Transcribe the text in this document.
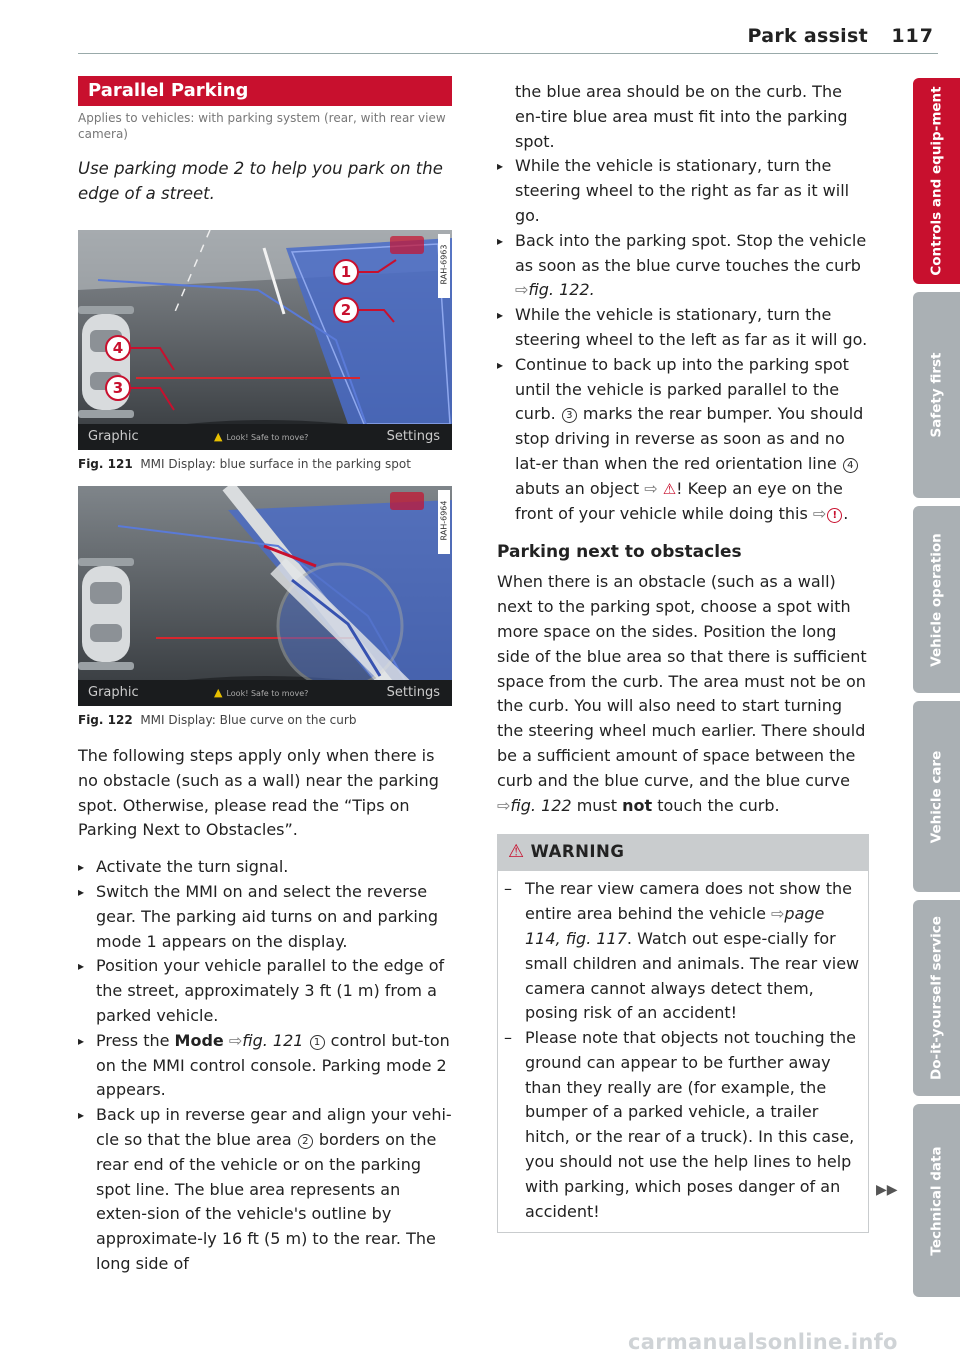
Park assist 117
Parallel Parking
Applies to vehicles: with parking system (rear, with rear view camera)
Use parking mode 2 to help you park on the edge of a street.
1
2
4
3
RAH-6963
Graphic	▲ Look! Safe to move?	Settings
Fig. 121 MMI Display: blue surface in the parking spot
RAH-6964
Graphic	▲ Look! Safe to move?	Settings
Fig. 122 MMI Display: Blue curve on the curb

The following steps apply only when there is no obstacle (such as a wall) near the parking spot. Otherwise, please read the “Tips on Parking Next to Obstacles”.

▸ Activate the turn signal.
▸ Switch the MMI on and select the reverse gear. The parking aid turns on and parking mode 1 appears on the display.
▸ Position your vehicle parallel to the edge of the street, approximately 3 ft (1 m) from a parked vehicle.
▸ Press the Mode ⇨fig. 121 1 control but-ton on the MMI control console. Parking mode 2 appears.
▸ Back up in reverse gear and align your vehi-cle so that the blue area 2 borders on the rear end of the vehicle or on the parking spot line. The blue area represents an exten-sion of the vehicle's outline by approximate-ly 16 ft (5 m) to the rear. The long side of

the blue area should be on the curb. The en-tire blue area must fit into the parking spot.

▸ While the vehicle is stationary, turn the steering wheel to the right as far as it will go.
▸ Back into the parking spot. Stop the vehicle as soon as the blue curve touches the curb ⇨fig. 122.
▸ While the vehicle is stationary, turn the steering wheel to the left as far as it will go.
▸ Continue to back up into the parking spot until the vehicle is parked parallel to the curb. 3 marks the rear bumper. You should stop driving in reverse as soon as and no lat-er than when the red orientation line 4 abuts an object ⇨ ⚠! Keep an eye on the front of your vehicle while doing this ⇨ ! .
Parking next to obstacles

When there is an obstacle (such as a wall) next to the parking spot, choose a spot with more space on the sides. Position the long side of the blue area so that there is sufficient space from the curb. The area must not be on the curb. You will also need to start turning the steering wheel much earlier. There should be a sufficient amount of space between the curb and the blue curve, and the blue curve ⇨fig. 122 must not touch the curb.

⚠ WARNING
– The rear view camera does not show the entire area behind the vehicle ⇨page 114, fig. 117. Watch out espe-cially for small children and animals. The rear view camera cannot always detect them, posing risk of an accident!
– Please note that objects not touching the ground can appear to be further away than they really are (for example, the bumper of a parked vehicle, a trailer hitch, or the rear of a truck). In this case, you should not use the help lines to help with parking, which poses danger of an accident!
▶▶
Controls and equip-ment
Safety first
Vehicle operation
Vehicle care
Do-it-yourself service
Technical data
carmanualsonline.info
